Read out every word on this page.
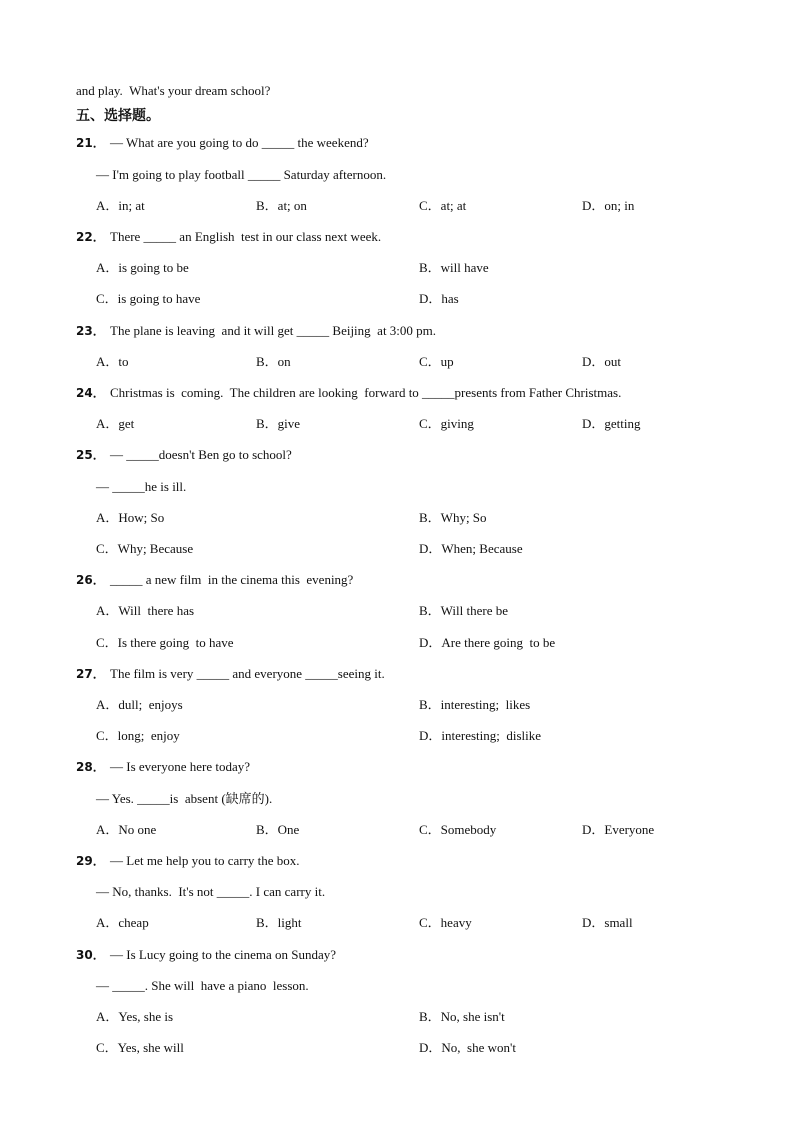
and play.  What's your dream school?
五、选择题。
21． — What are you going to do _____ the weekend?
— I'm going to play football _____ Saturday afternoon.
A．in; at	B．at; on	C．at; at	D．on; in
22． There _____ an English  test in our class next week.
A．is going to be	B．will have
C．is going to have	D．has
23． The plane is leaving  and it will get _____ Beijing  at 3:00 pm.
A．to	B．on	C．up	D．out
24． Christmas is  coming.  The children are looking  forward to _____presents from Father Christmas.
A．get	B．give	C．giving	D．getting
25． — _____doesn't Ben go to school?
— _____he is ill.
A．How; So	B．Why; So
C．Why; Because	D．When; Because
26． _____ a new film  in the cinema this  evening?
A．Will  there has	B．Will there be
C．Is there going  to have	D．Are there going  to be
27． The film is very _____ and everyone _____seeing it.
A．dull;  enjoys	B．interesting;  likes
C．long;  enjoy	D．interesting;  dislike
28． — Is everyone here today?
— Yes. _____is  absent (缺席的).
A．No one	B．One	C．Somebody	D．Everyone
29． — Let me help you to carry the box.
— No, thanks.  It's not _____. I can carry it.
A．cheap	B．light	C．heavy	D．small
30． — Is Lucy going to the cinema on Sunday?
— _____. She will  have a piano  lesson.
A．Yes, she is	B．No, she isn't
C．Yes, she will	D．No,  she won't
